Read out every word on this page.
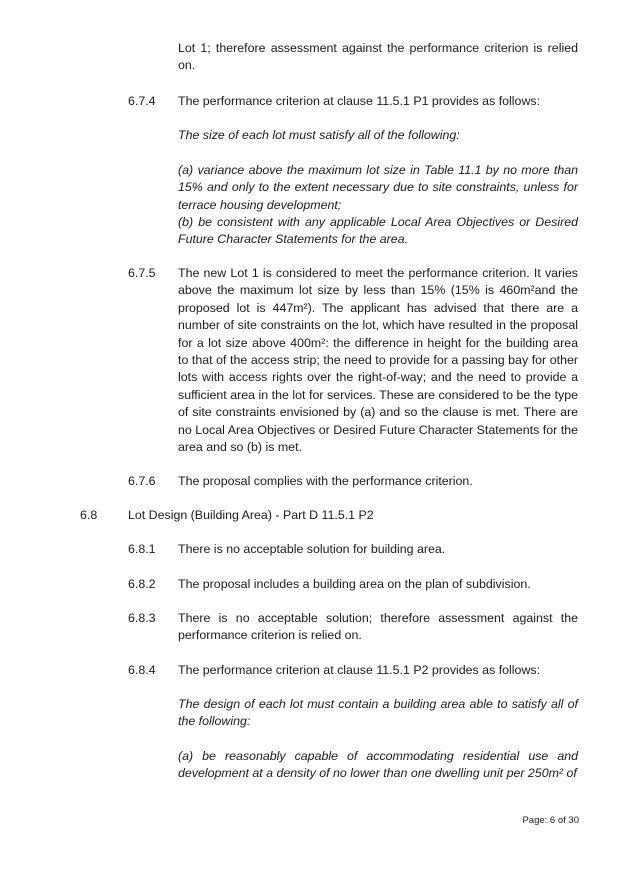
Lot 1; therefore assessment against the performance criterion is relied on.
6.7.4 The performance criterion at clause 11.5.1 P1 provides as follows:
The size of each lot must satisfy all of the following:
(a) variance above the maximum lot size in Table 11.1 by no more than 15% and only to the extent necessary due to site constraints, unless for terrace housing development;
(b) be consistent with any applicable Local Area Objectives or Desired Future Character Statements for the area.
6.7.5 The new Lot 1 is considered to meet the performance criterion. It varies above the maximum lot size by less than 15% (15% is 460m²and the proposed lot is 447m²). The applicant has advised that there are a number of site constraints on the lot, which have resulted in the proposal for a lot size above 400m²: the difference in height for the building area to that of the access strip; the need to provide for a passing bay for other lots with access rights over the right-of-way; and the need to provide a sufficient area in the lot for services. These are considered to be the type of site constraints envisioned by (a) and so the clause is met. There are no Local Area Objectives or Desired Future Character Statements for the area and so (b) is met.
6.7.6 The proposal complies with the performance criterion.
6.8 Lot Design (Building Area) - Part D 11.5.1 P2
6.8.1 There is no acceptable solution for building area.
6.8.2 The proposal includes a building area on the plan of subdivision.
6.8.3 There is no acceptable solution; therefore assessment against the performance criterion is relied on.
6.8.4 The performance criterion at clause 11.5.1 P2 provides as follows:
The design of each lot must contain a building area able to satisfy all of the following:
(a) be reasonably capable of accommodating residential use and development at a density of no lower than one dwelling unit per 250m² of
Page: 6 of 30
